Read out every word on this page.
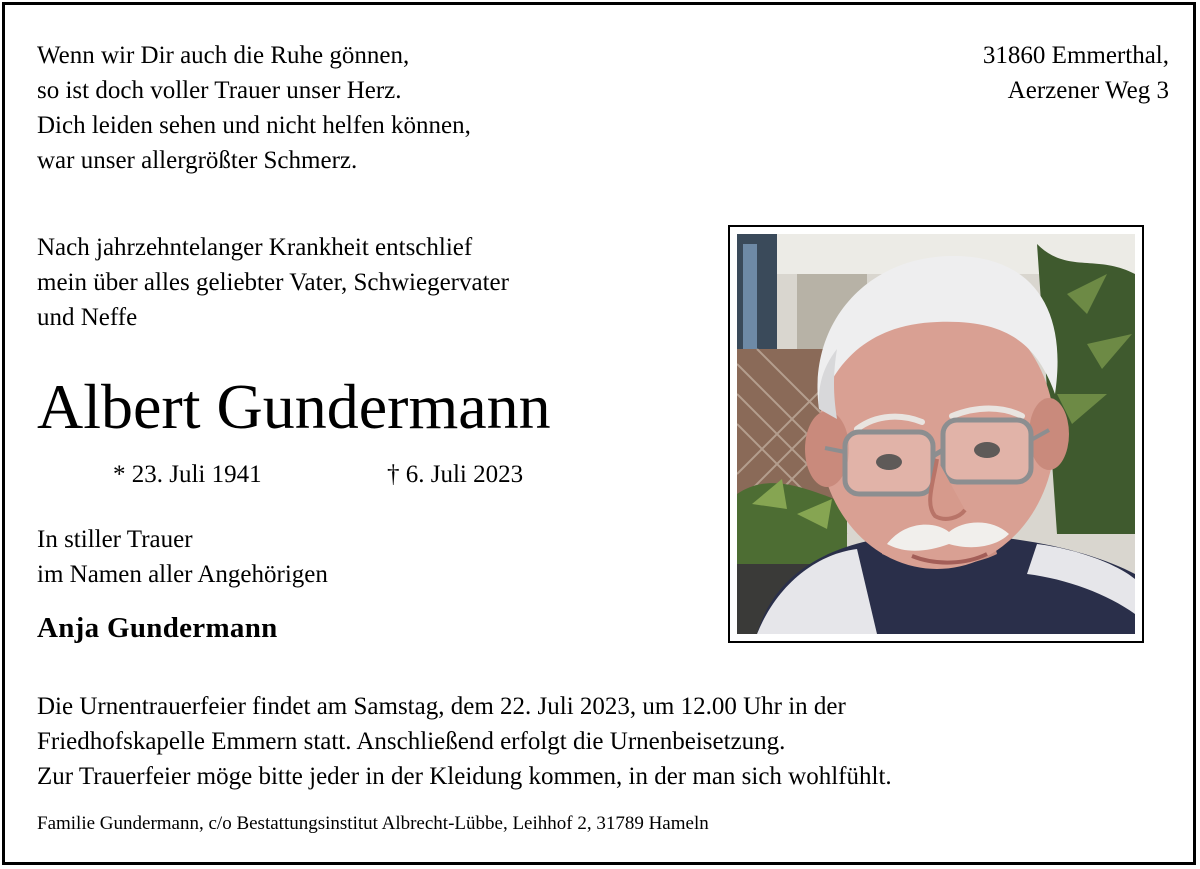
Wenn wir Dir auch die Ruhe gönnen,
so ist doch voller Trauer unser Herz.
Dich leiden sehen und nicht helfen können,
war unser allergrößter Schmerz.
31860 Emmerthal,
Aerzener Weg 3
Nach jahrzehntelanger Krankheit entschlief
mein über alles geliebter Vater, Schwiegervater
und Neffe
Albert Gundermann
* 23. Juli 1941	† 6. Juli 2023
In stiller Trauer
im Namen aller Angehörigen
Anja Gundermann
Die Urnentrauerfeier findet am Samstag, dem 22. Juli 2023, um 12.00 Uhr in der
Friedhofskapelle Emmern statt. Anschließend erfolgt die Urnenbeisetzung.
Zur Trauerfeier möge bitte jeder in der Kleidung kommen, in der man sich wohlfühlt.
Familie Gundermann, c/o Bestattungsinstitut Albrecht-Lübbe, Leihhof 2, 31789 Hameln
